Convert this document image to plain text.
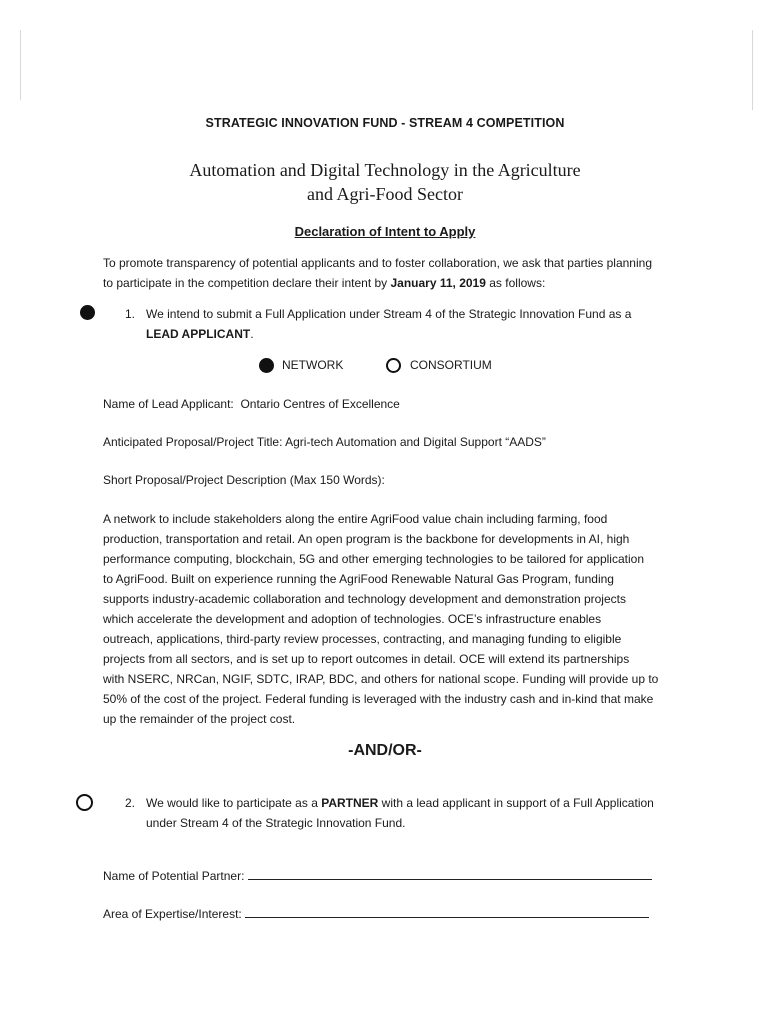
STRATEGIC INNOVATION FUND - STREAM 4 COMPETITION
Automation and Digital Technology in the Agriculture
and Agri-Food Sector
Declaration of Intent to Apply
To promote transparency of potential applicants and to foster collaboration, we ask that parties planning
to participate in the competition declare their intent by January 11, 2019 as follows:
1. We intend to submit a Full Application under Stream 4 of the Strategic Innovation Fund as a
LEAD APPLICANT.
NETWORK	CONSORTIUM
Name of Lead Applicant: Ontario Centres of Excellence
Anticipated Proposal/Project Title: Agri-tech Automation and Digital Support “AADS”
Short Proposal/Project Description (Max 150 Words):
A network to include stakeholders along the entire AgriFood value chain including farming, food
production, transportation and retail. An open program is the backbone for developments in AI, high
performance computing, blockchain, 5G and other emerging technologies to be tailored for application
to AgriFood. Built on experience running the AgriFood Renewable Natural Gas Program, funding
supports industry-academic collaboration and technology development and demonstration projects
which accelerate the development and adoption of technologies. OCE’s infrastructure enables
outreach, applications, third-party review processes, contracting, and managing funding to eligible
projects from all sectors, and is set up to report outcomes in detail. OCE will extend its partnerships
with NSERC, NRCan, NGIF, SDTC, IRAP, BDC, and others for national scope. Funding will provide up to
50% of the cost of the project. Federal funding is leveraged with the industry cash and in-kind that make
up the remainder of the project cost.
-AND/OR-
2. We would like to participate as a PARTNER with a lead applicant in support of a Full Application
under Stream 4 of the Strategic Innovation Fund.
Name of Potential Partner:
Area of Expertise/Interest:
